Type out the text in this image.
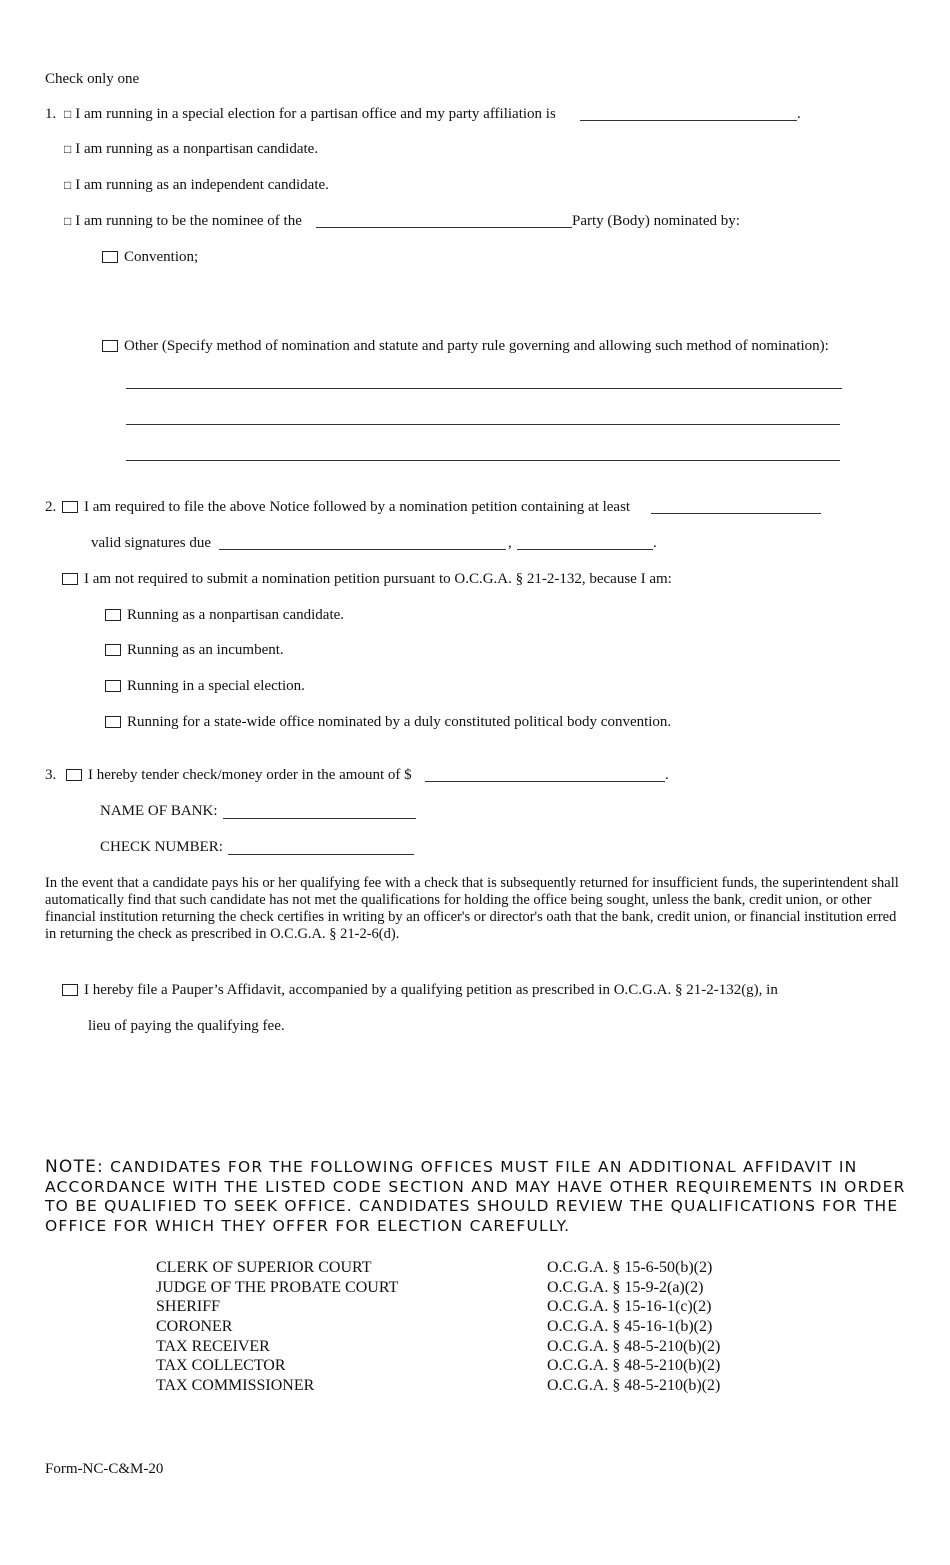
Check only one
1. □ I am running in a special election for a partisan office and my party affiliation is	.
□ I am running as a nonpartisan candidate.
□ I am running as an independent candidate.
□ I am running to be the nominee of the	Party (Body) nominated by:
Convention;
Other (Specify method of nomination and statute and party rule governing and allowing such method of nomination):
2.	I am required to file the above Notice followed by a nomination petition containing at least
valid signatures due	,	.
I am not required to submit a nomination petition pursuant to O.C.G.A. § 21-2-132, because I am:
Running as a nonpartisan candidate.
Running as an incumbent.
Running in a special election.
Running for a state-wide office nominated by a duly constituted political body convention.
3.	I hereby tender check/money order in the amount of $	.
NAME OF BANK:
CHECK NUMBER:
In the event that a candidate pays his or her qualifying fee with a check that is subsequently returned for insufficient funds, the superintendent shall automatically find that such candidate has not met the qualifications for holding the office being sought, unless the bank, credit union, or other financial institution returning the check certifies in writing by an officer's or director's oath that the bank, credit union, or financial institution erred in returning the check as prescribed in O.C.G.A. § 21-2-6(d).
I hereby file a Pauper’s Affidavit, accompanied by a qualifying petition as prescribed in O.C.G.A. § 21-2-132(g), in
lieu of paying the qualifying fee.
NOTE: CANDIDATES FOR THE FOLLOWING OFFICES MUST FILE AN ADDITIONAL AFFIDAVIT IN ACCORDANCE WITH THE LISTED CODE SECTION AND MAY HAVE OTHER REQUIREMENTS IN ORDER TO BE QUALIFIED TO SEEK OFFICE. CANDIDATES SHOULD REVIEW THE QUALIFICATIONS FOR THE OFFICE FOR WHICH THEY OFFER FOR ELECTION CAREFULLY.
CLERK OF SUPERIOR COURT	O.C.G.A. § 15-6-50(b)(2)
JUDGE OF THE PROBATE COURT	O.C.G.A. § 15-9-2(a)(2)
SHERIFF	O.C.G.A. § 15-16-1(c)(2)
CORONER	O.C.G.A. § 45-16-1(b)(2)
TAX RECEIVER	O.C.G.A. § 48-5-210(b)(2)
TAX COLLECTOR	O.C.G.A. § 48-5-210(b)(2)
TAX COMMISSIONER	O.C.G.A. § 48-5-210(b)(2)
Form-NC-C&M-20
